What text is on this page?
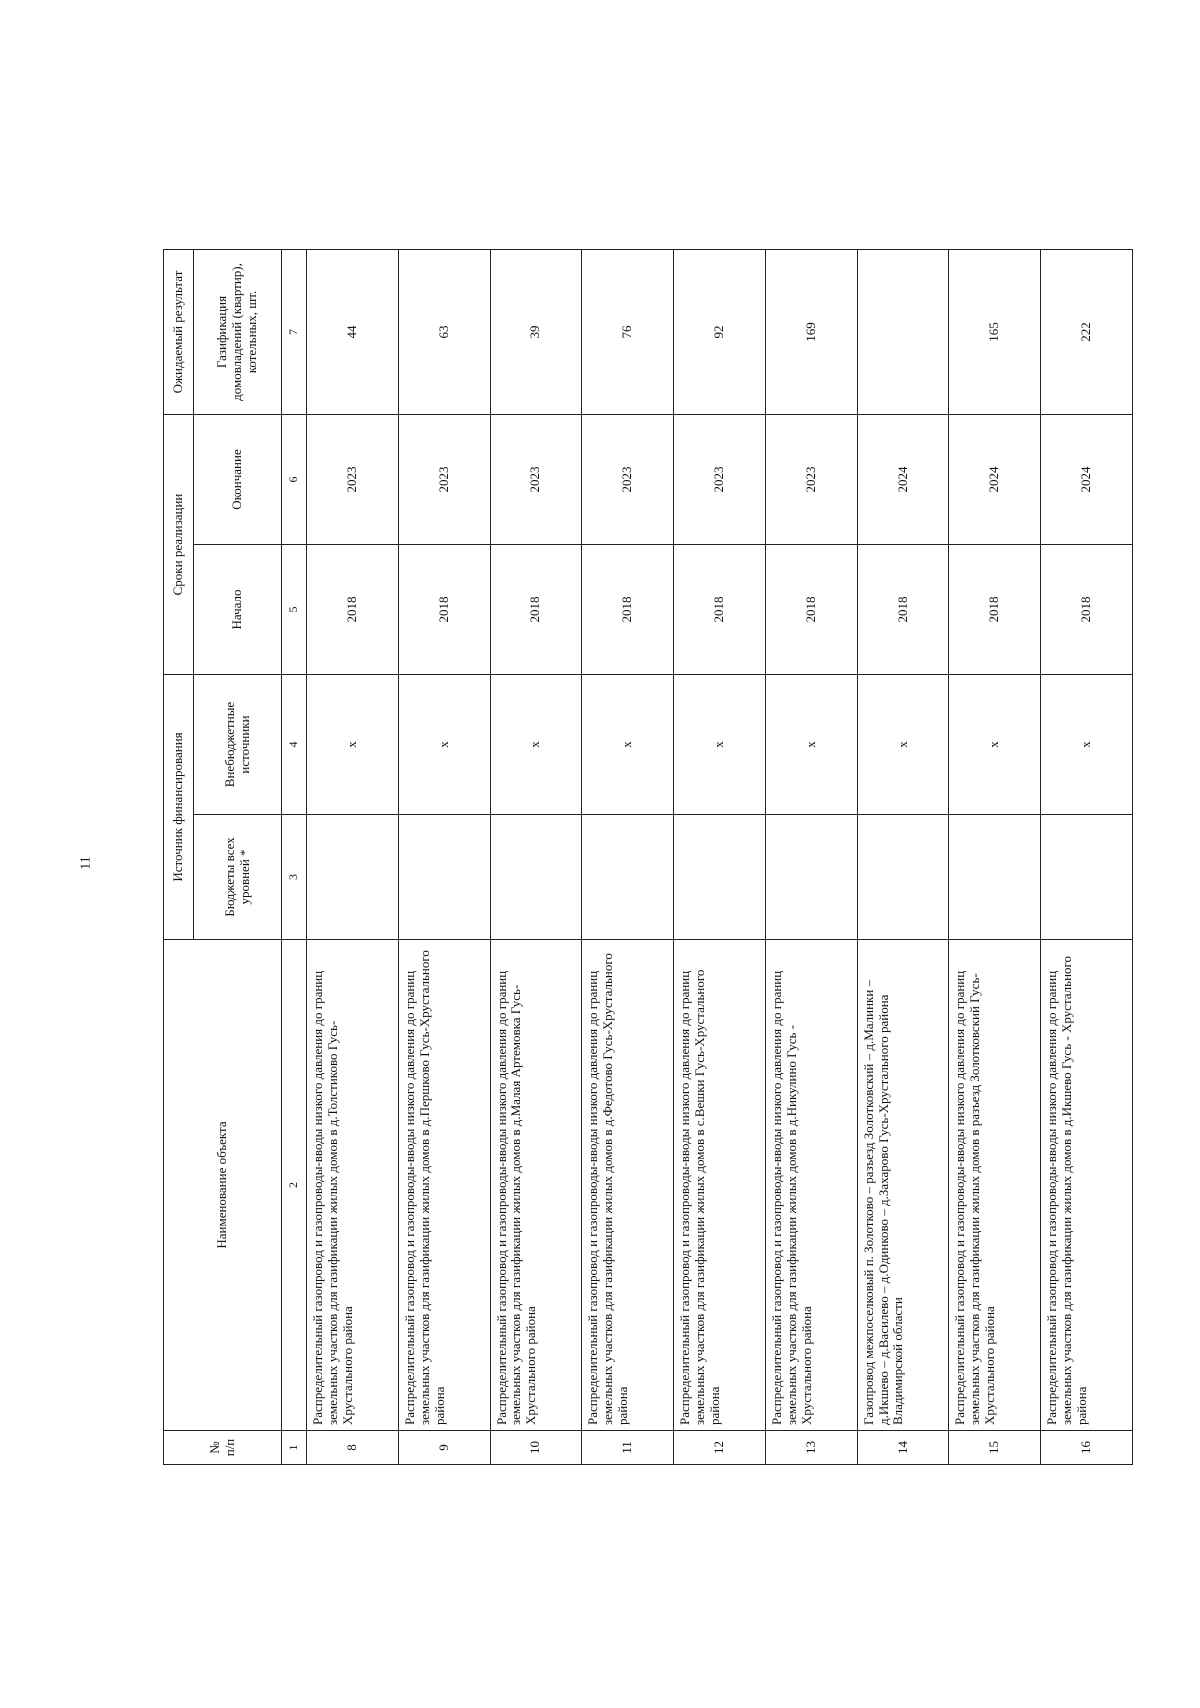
11
№
п/п	Наименование объекта	Источник финансирования		Сроки реализации		Ожидаемый результат
		Бюджеты всех уровней *	Внебюджетные источники	Начало	Окончание	Газификация домовладений (квартир), котельных, шт.
1	2	3	4	5	6	7
8	Распределительный газопровод и газопроводы-вводы низкого давления до границ земельных участков для газификации жилых домов в д.Толстиково Гусь-Хрустального района		x	2018	2023	44
9	Распределительный газопровод и газопроводы-вводы низкого давления до границ земельных участков для газификации жилых домов в д.Першково Гусь-Хрустального района		x	2018	2023	63
10	Распределительный газопровод и газопроводы-вводы низкого давления до границ земельных участков для газификации жилых домов в д.Малая Артемовка Гусь-Хрустального района		x	2018	2023	39
11	Распределительный газопровод и газопроводы-вводы низкого давления до границ земельных участков для газификации жилых домов в д.Федотово Гусь-Хрустального района		x	2018	2023	76
12	Распределительный газопровод и газопроводы-вводы низкого давления до границ земельных участков для газификации жилых домов в с.Вешки Гусь-Хрустального района		x	2018	2023	92
13	Распределительный газопровод и газопроводы-вводы низкого давления до границ земельных участков для газификации жилых домов в д.Никулино Гусь - Хрустального района		x	2018	2023	169
14	Газопровод межпоселковый п. Золотково – разъезд Золотковский – д.Малинки – д.Икшево – д.Василево – д.Одинково – д.Захарово Гусь-Хрустального района Владимирской области		x	2018	2024	
15	Распределительный газопровод и газопроводы-вводы низкого давления до границ земельных участков для газификации жилых домов в разъезд Золотковский Гусь-Хрустального района		x	2018	2024	165
16	Распределительный газопровод и газопроводы-вводы низкого давления до границ земельных участков для газификации жилых домов в д.Икшево Гусь - Хрустального района		x	2018	2024	222
